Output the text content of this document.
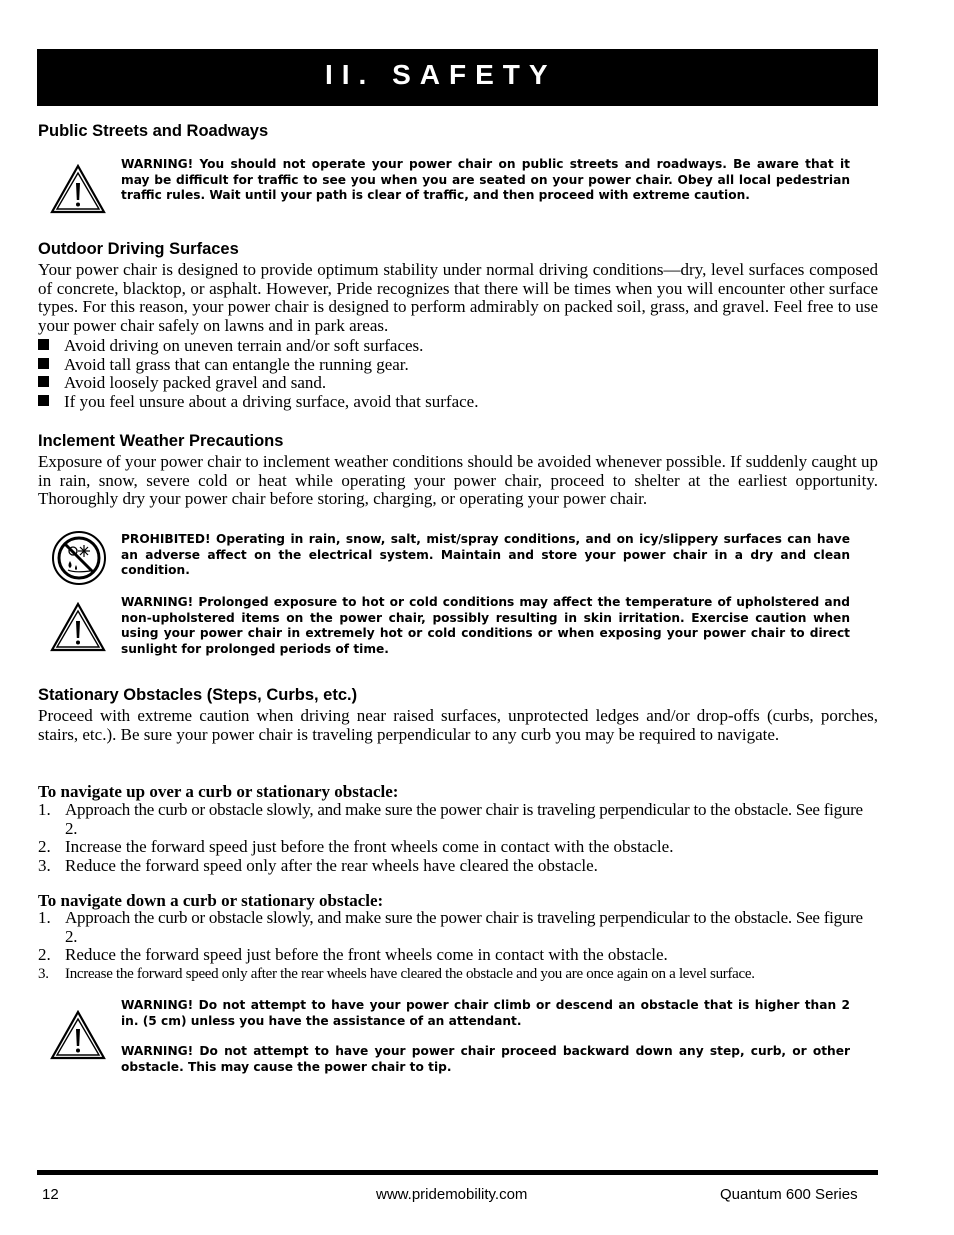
II. SAFETY
Public Streets and Roadways
WARNING! You should not operate your power chair on public streets and roadways. Be aware that it may be difficult for traffic to see you when you are seated on your power chair. Obey all local pedestrian traffic rules. Wait until your path is clear of traffic, and then proceed with extreme caution.
Outdoor Driving Surfaces
Your power chair is designed to provide optimum stability under normal driving conditions—dry, level surfaces composed of concrete, blacktop, or asphalt. However, Pride recognizes that there will be times when you will encounter other surface types. For this reason, your power chair is designed to perform admirably on packed soil, grass, and gravel. Feel free to use your power chair safely on lawns and in park areas.
Avoid driving on uneven terrain and/or soft surfaces.
Avoid tall grass that can entangle the running gear.
Avoid loosely packed gravel and sand.
If you feel unsure about a driving surface, avoid that surface.
Inclement Weather Precautions
Exposure of your power chair to inclement weather conditions should be avoided whenever possible. If suddenly caught up in rain, snow, severe cold or heat while operating your power chair, proceed to shelter at the earliest opportunity. Thoroughly dry your power chair before storing, charging, or operating your power chair.
PROHIBITED! Operating in rain, snow, salt, mist/spray conditions, and on icy/slippery surfaces can have an adverse affect on the electrical system. Maintain and store your power chair in a dry and clean condition.
WARNING! Prolonged exposure to hot or cold conditions may affect the temperature of upholstered and non-upholstered items on the power chair, possibly resulting in skin irritation. Exercise caution when using your power chair in extremely hot or cold conditions or when exposing your power chair to direct sunlight for prolonged periods of time.
Stationary Obstacles (Steps, Curbs, etc.)
Proceed with extreme caution when driving near raised surfaces, unprotected ledges and/or drop-offs (curbs, porches, stairs, etc.). Be sure your power chair is traveling perpendicular to any curb you may be required to navigate.
To navigate up over a curb or stationary obstacle:
1. Approach the curb or obstacle slowly, and make sure the power chair is traveling perpendicular to the obstacle. See figure 2.
2. Increase the forward speed just before the front wheels come in contact with the obstacle.
3. Reduce the forward speed only after the rear wheels have cleared the obstacle.
To navigate down a curb or stationary obstacle:
1. Approach the curb or obstacle slowly, and make sure the power chair is traveling perpendicular to the obstacle. See figure 2.
2. Reduce the forward speed just before the front wheels come in contact with the obstacle.
3. Increase the forward speed only after the rear wheels have cleared the obstacle and you are once again on a level surface.
WARNING! Do not attempt to have your power chair climb or descend an obstacle that is higher than 2 in. (5 cm) unless you have the assistance of an attendant.
WARNING! Do not attempt to have your power chair proceed backward down any step, curb, or other obstacle. This may cause the power chair to tip.
12	www.pridemobility.com	Quantum 600 Series
